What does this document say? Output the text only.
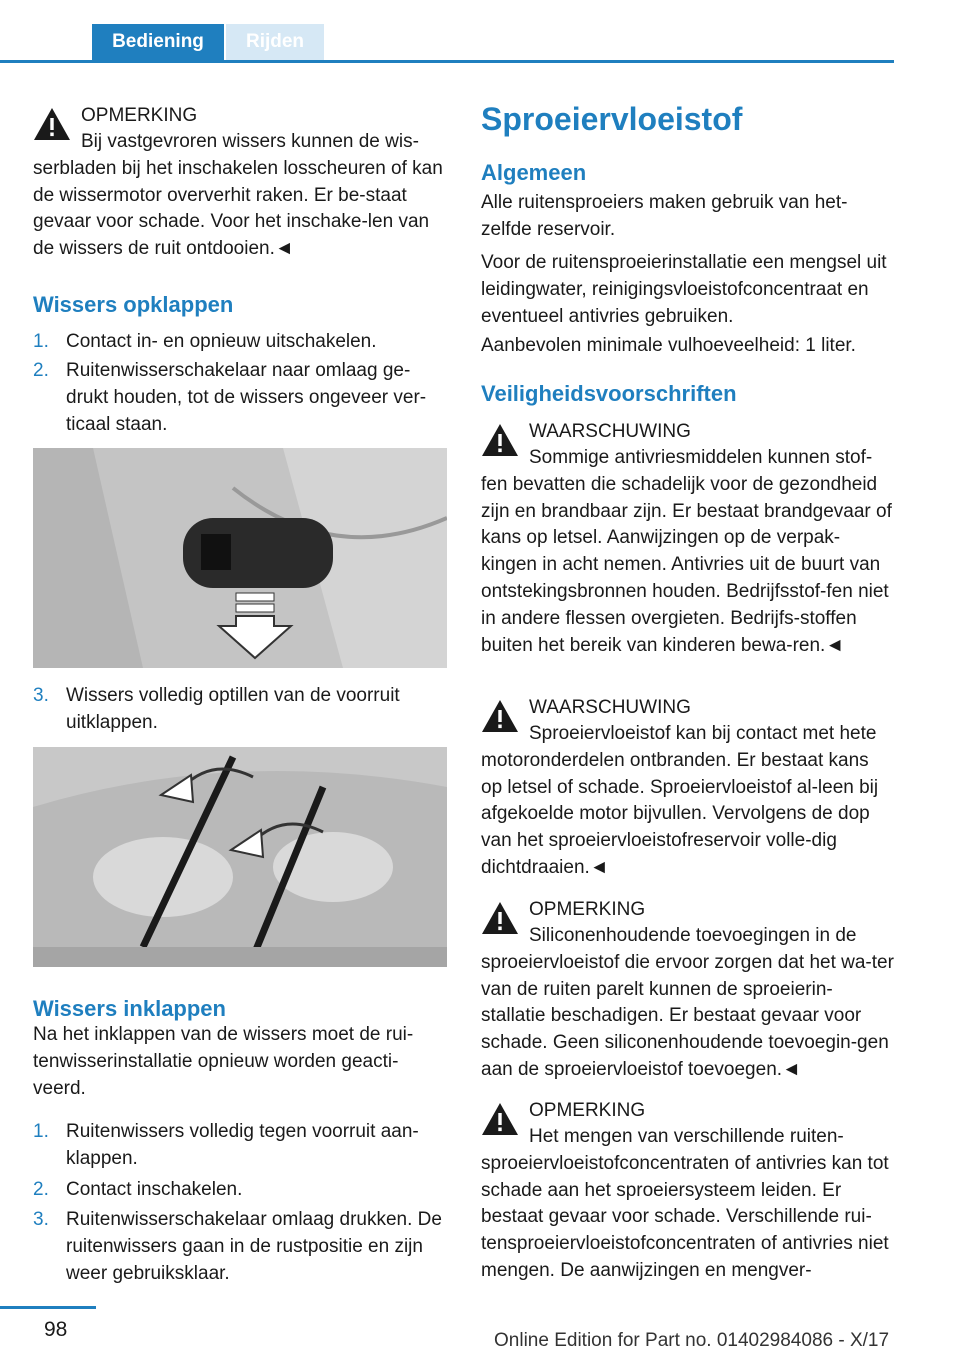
Bediening	Rijden
OPMERKING
Bij vastgevroren wissers kunnen de wis-serbladen bij het inschakelen losscheuren of kan de wissermotor oververhit raken. Er be-staat gevaar voor schade. Voor het inschake-len van de wissers de ruit ontdooien.◄
Wissers opklappen
1. Contact in- en opnieuw uitschakelen.
2. Ruitenwisserschakelaar naar omlaag ge-drukt houden, tot de wissers ongeveer ver-ticaal staan.
3. Wissers volledig optillen van de voorruit uitklappen.
Wissers inklappen
Na het inklappen van de wissers moet de rui-tenwisserinstallatie opnieuw worden geacti-veerd.
1. Ruitenwissers volledig tegen voorruit aan-klappen.
2. Contact inschakelen.
3. Ruitenwisserschakelaar omlaag drukken. De ruitenwissers gaan in de rustpositie en zijn weer gebruiksklaar.
Sproeiervloeistof
Algemeen
Alle ruitensproeiers maken gebruik van het-zelfde reservoir.
Voor de ruitensproeierinstallatie een mengsel uit leidingwater, reinigingsvloeistofconcentraat en eventueel antivries gebruiken.
Aanbevolen minimale vulhoeveelheid: 1 liter.
Veiligheidsvoorschriften
WAARSCHUWING
Sommige antivriesmiddelen kunnen stof-fen bevatten die schadelijk voor de gezondheid zijn en brandbaar zijn. Er bestaat brandgevaar of kans op letsel. Aanwijzingen op de verpak-kingen in acht nemen. Antivries uit de buurt van ontstekingsbronnen houden. Bedrijfsstof-fen niet in andere flessen overgieten. Bedrijfs-stoffen buiten het bereik van kinderen bewa-ren.◄
WAARSCHUWING
Sproeiervloeistof kan bij contact met hete motoronderdelen ontbranden. Er bestaat kans op letsel of schade. Sproeiervloeistof al-leen bij afgekoelde motor bijvullen. Vervolgens de dop van het sproeiervloeistofreservoir volle-dig dichtdraaien.◄
OPMERKING
Siliconenhoudende toevoegingen in de sproeiervloeistof die ervoor zorgen dat het wa-ter van de ruiten parelt kunnen de sproeierin-stallatie beschadigen. Er bestaat gevaar voor schade. Geen siliconenhoudende toevoegin-gen aan de sproeiervloeistof toevoegen.◄
OPMERKING
Het mengen van verschillende ruiten-sproeiervloeistofconcentraten of antivries kan tot schade aan het sproeiersysteem leiden. Er bestaat gevaar voor schade. Verschillende rui-tensproeiervloeistofconcentraten of antivries niet mengen. De aanwijzingen en mengver-
98	Online Edition for Part no. 01402984086 - X/17
